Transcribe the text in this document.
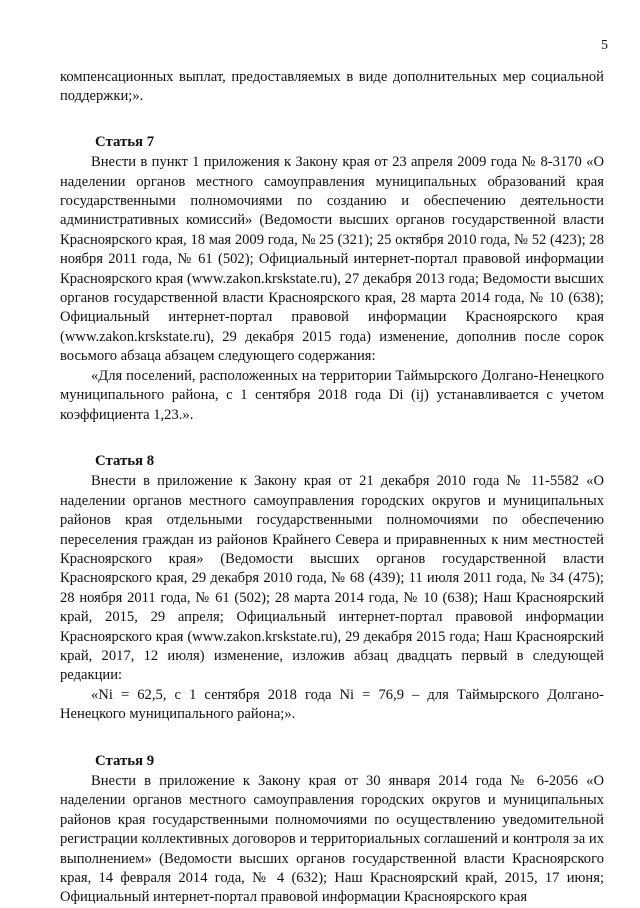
5

компенсационных выплат, предоставляемых в виде дополнительных мер социальной поддержки;».

Статья 7

Внести в пункт 1 приложения к Закону края от 23 апреля 2009 года № 8-3170 «О наделении органов местного самоуправления муниципальных образований края государственными полномочиями по созданию и обеспечению деятельности административных комиссий» (Ведомости высших органов государственной власти Красноярского края, 18 мая 2009 года, № 25 (321); 25 октября 2010 года, № 52 (423); 28 ноября 2011 года, № 61 (502); Официальный интернет-портал правовой информации Красноярского края (www.zakon.krskstate.ru), 27 декабря 2013 года; Ведомости высших органов государственной власти Красноярского края, 28 марта 2014 года, № 10 (638); Официальный интернет-портал правовой информации Красноярского края (www.zakon.krskstate.ru), 29 декабря 2015 года) изменение, дополнив после сорок восьмого абзаца абзацем следующего содержания:

«Для поселений, расположенных на территории Таймырского Долгано-Ненецкого муниципального района, с 1 сентября 2018 года Di (ij) устанавливается с учетом коэффициента 1,23.».

Статья 8

Внести в приложение к Закону края от 21 декабря 2010 года № 11-5582 «О наделении органов местного самоуправления городских округов и муниципальных районов края отдельными государственными полномочиями по обеспечению переселения граждан из районов Крайнего Севера и приравненных к ним местностей Красноярского края» (Ведомости высших органов государственной власти Красноярского края, 29 декабря 2010 года, № 68 (439); 11 июля 2011 года, № 34 (475); 28 ноября 2011 года, № 61 (502); 28 марта 2014 года, № 10 (638); Наш Красноярский край, 2015, 29 апреля; Официальный интернет-портал правовой информации Красноярского края (www.zakon.krskstate.ru), 29 декабря 2015 года; Наш Красноярский край, 2017, 12 июля) изменение, изложив абзац двадцать первый в следующей редакции:

«Ni = 62,5, с 1 сентября 2018 года Ni = 76,9 – для Таймырского Долгано-Ненецкого муниципального района;».

Статья 9

Внести в приложение к Закону края от 30 января 2014 года № 6-2056 «О наделении органов местного самоуправления городских округов и муниципальных районов края государственными полномочиями по осуществлению уведомительной регистрации коллективных договоров и территориальных соглашений и контроля за их выполнением» (Ведомости высших органов государственной власти Красноярского края, 14 февраля 2014 года, № 4 (632); Наш Красноярский край, 2015, 17 июня; Официальный интернет-портал правовой информации Красноярского края
